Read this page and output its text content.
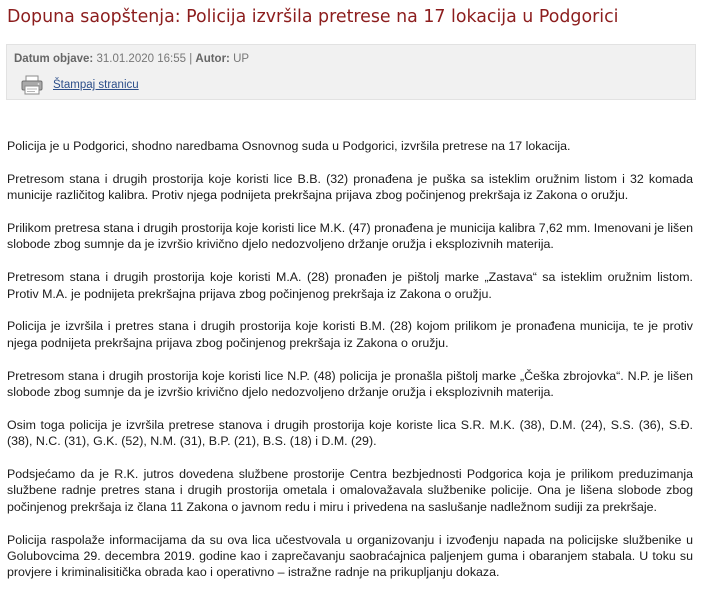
Dopuna saopštenja: Policija izvršila pretrese na 17 lokacija u Podgorici
Datum objave: 31.01.2020 16:55 | Autor: UP
Štampaj stranicu

Policija je u Podgorici, shodno naredbama Osnovnog suda u Podgorici, izvršila pretrese na 17 lokacija.

Pretresom stana i drugih prostorija koje koristi lice B.B. (32) pronađena je puška sa isteklim oružnim listom i 32 komada municije različitog kalibra. Protiv njega podnijeta prekršajna prijava zbog počinjenog prekršaja iz Zakona o oružju.

Prilikom pretresa stana i drugih prostorija koje koristi lice M.K. (47) pronađena je municija kalibra 7,62 mm. Imenovani je lišen slobode zbog sumnje da je izvršio krivično djelo nedozvoljeno držanje oružja i eksplozivnih materija.

Pretresom stana i drugih prostorija koje koristi M.A. (28) pronađen je pištolj marke „Zastava“ sa isteklim oružnim listom. Protiv M.A. je podnijeta prekršajna prijava zbog počinjenog prekršaja iz Zakona o oružju.

Policija je izvršila i pretres stana i drugih prostorija koje koristi B.M. (28) kojom prilikom je pronađena municija, te je protiv njega podnijeta prekršajna prijava zbog počinjenog prekršaja iz Zakona o oružju.

Pretresom stana i drugih prostorija koje koristi lice N.P. (48) policija je pronašla pištolj marke „Češka zbrojovka“. N.P. je lišen slobode zbog sumnje da je izvršio krivično djelo nedozvoljeno držanje oružja i eksplozivnih materija.

Osim toga policija je izvršila pretrese stanova i drugih prostorija koje koriste lica S.R. M.K. (38), D.M. (24), S.S. (36), S.Đ. (38), N.C. (31), G.K. (52), N.M. (31), B.P. (21), B.S. (18) i D.M. (29).

Podsjećamo da je R.K. jutros dovedena službene prostorije Centra bezbjednosti Podgorica koja je prilikom preduzimanja službene radnje pretres stana i drugih prostorija ometala i omalovažavala službenike policije. Ona je lišena slobode zbog počinjenog prekršaja iz člana 11 Zakona o javnom redu i miru i privedena na saslušanje nadležnom sudiji za prekršaje.

Policija raspolaže informacijama da su ova lica učestvovala u organizovanju i izvođenju napada na policijske službenike u Golubovcima 29. decembra 2019. godine kao i zaprečavanju saobraćajnica paljenjem guma i obaranjem stabala. U toku su provjere i kriminalisitička obrada kao i operativno – istražne radnje na prikupljanju dokaza.
